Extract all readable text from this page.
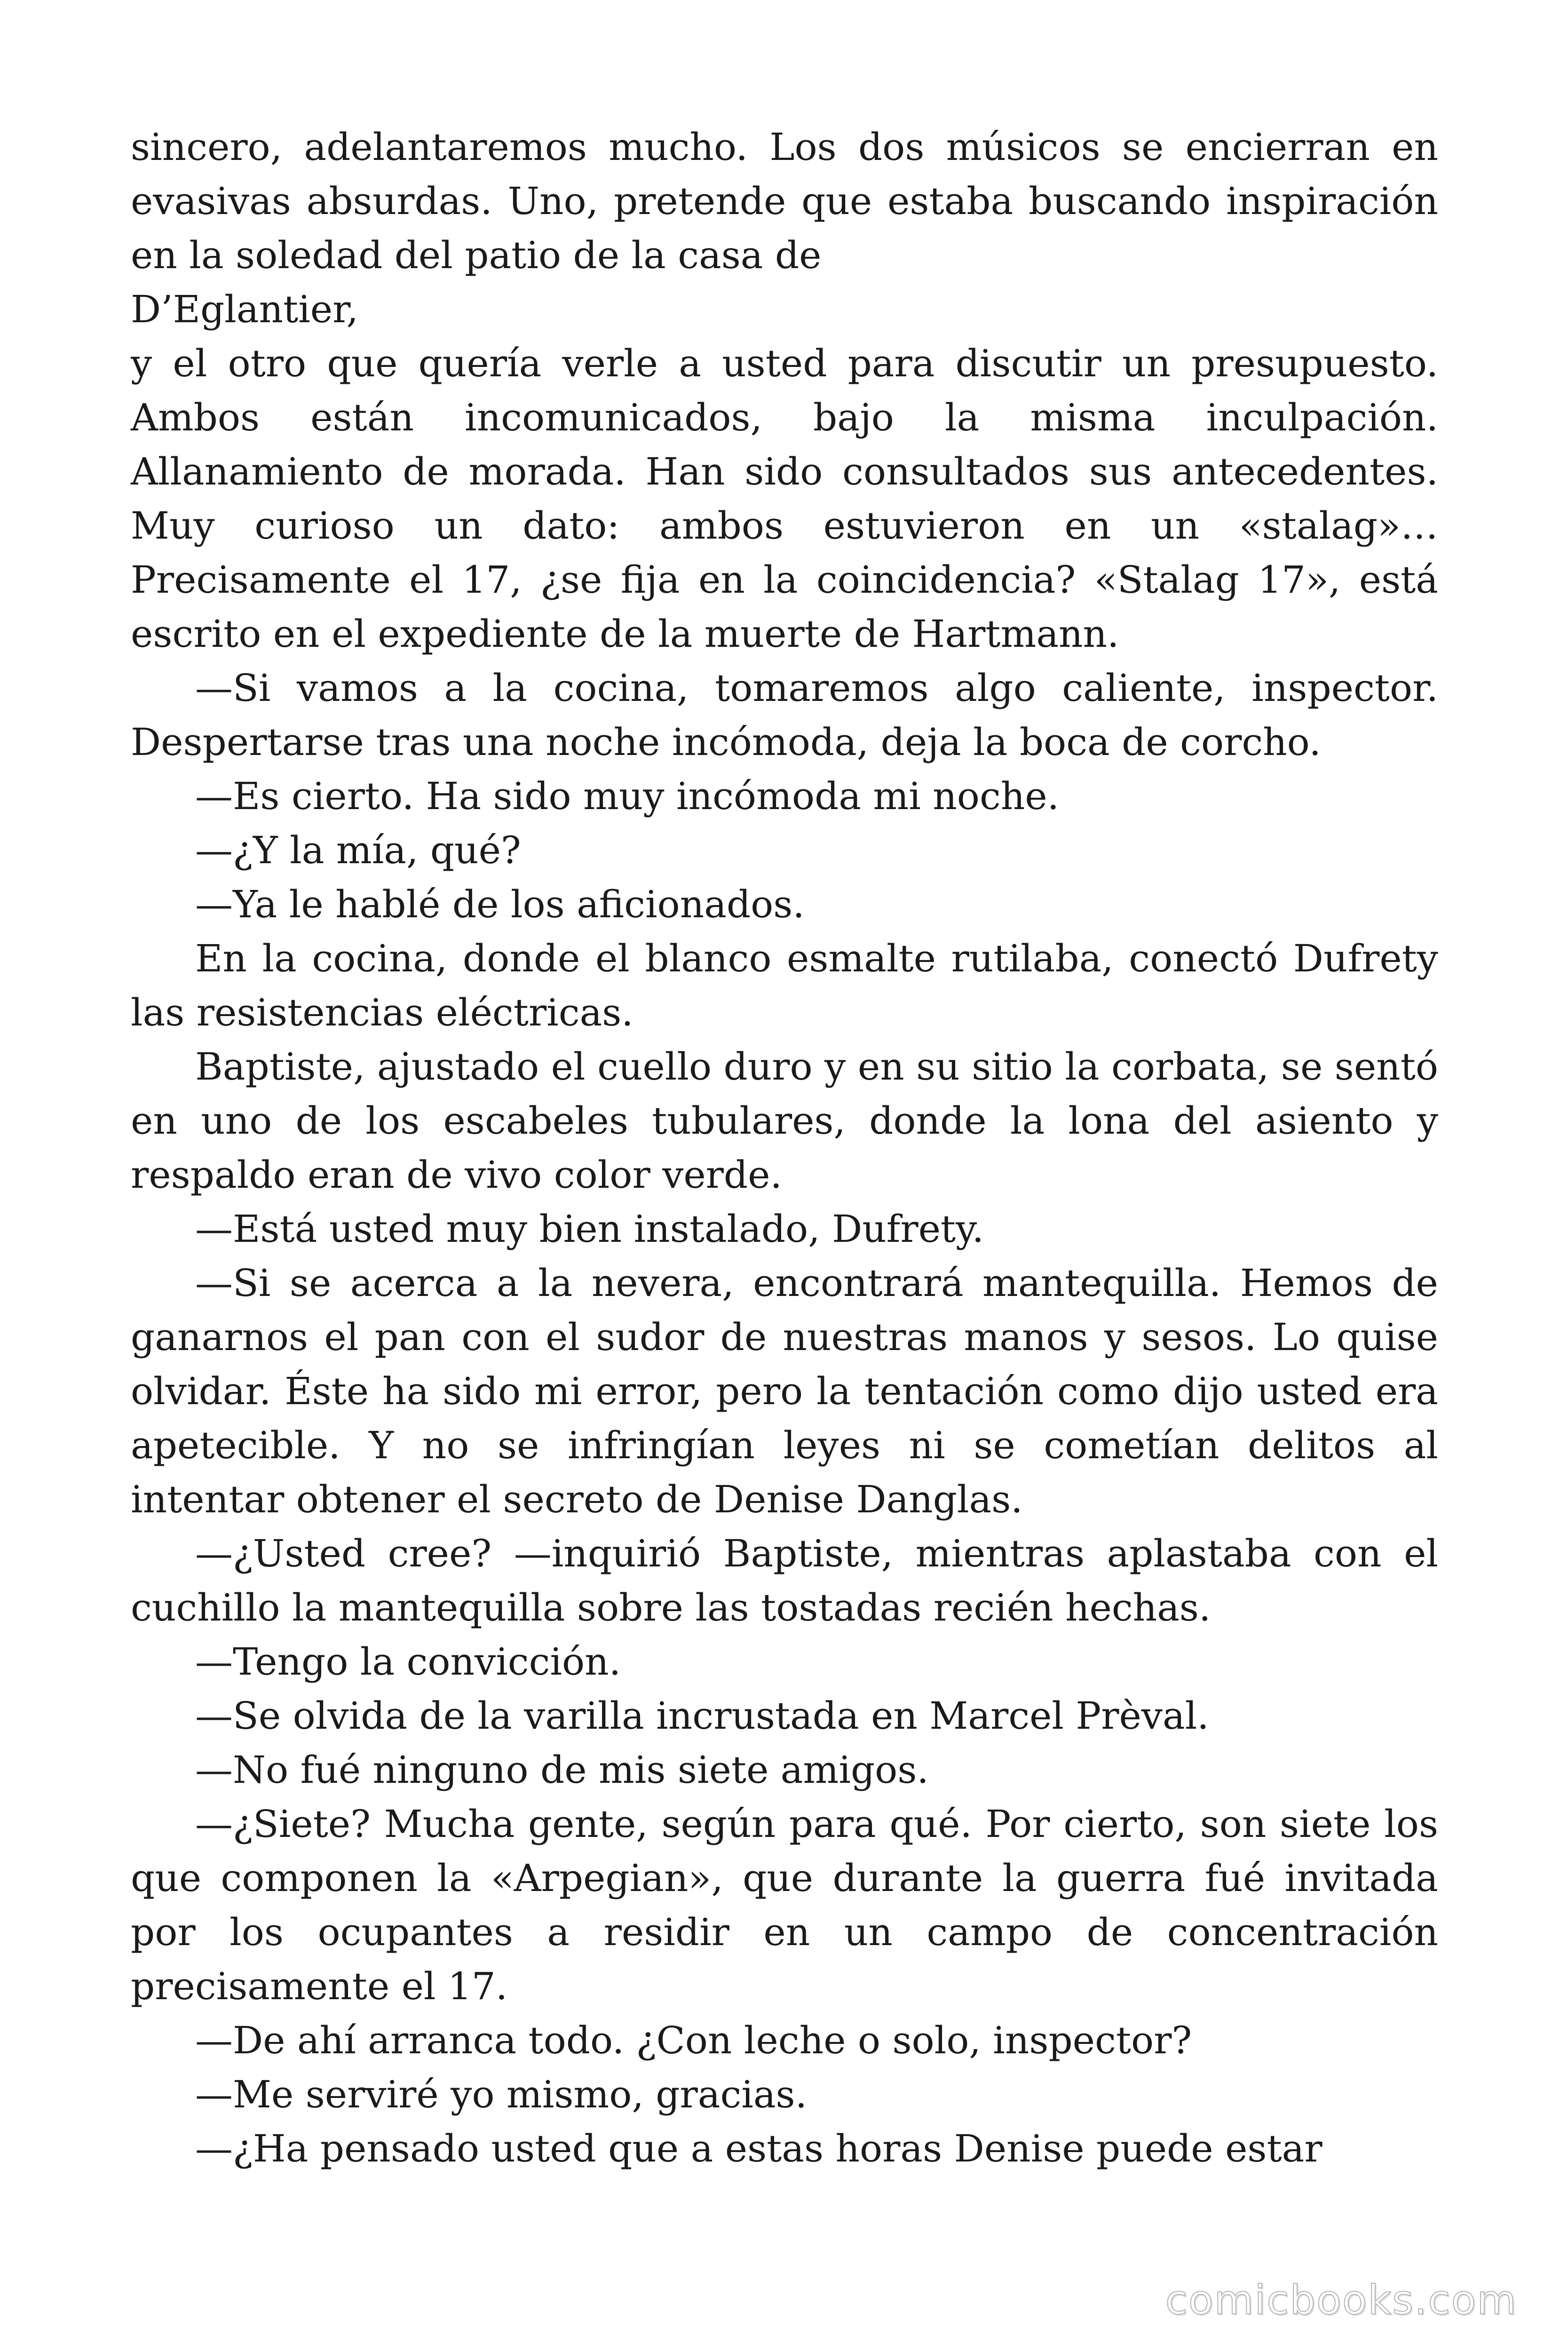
sincero, adelantaremos mucho. Los dos músicos se encierran en evasivas absurdas. Uno, pretende que estaba buscando inspiración en la soledad del patio de la casa de
D’Eglantier,
y el otro que quería verle a usted para discutir un presupuesto. Ambos están incomunicados, bajo la misma inculpación. Allanamiento de morada. Han sido consultados sus antecedentes. Muy curioso un dato: ambos estuvieron en un «stalag»… Precisamente el 17, ¿se fija en la coincidencia? «Stalag 17», está escrito en el expediente de la muerte de Hartmann.

—Si vamos a la cocina, tomaremos algo caliente, inspector. Despertarse tras una noche incómoda, deja la boca de corcho.

—Es cierto. Ha sido muy incómoda mi noche.

—¿Y la mía, qué?

—Ya le hablé de los aficionados.

En la cocina, donde el blanco esmalte rutilaba, conectó Dufrety las resistencias eléctricas.

Baptiste, ajustado el cuello duro y en su sitio la corbata, se sentó en uno de los escabeles tubulares, donde la lona del asiento y respaldo eran de vivo color verde.

—Está usted muy bien instalado, Dufrety.

—Si se acerca a la nevera, encontrará mantequilla. Hemos de ganarnos el pan con el sudor de nuestras manos y sesos. Lo quise olvidar. Éste ha sido mi error, pero la tentación como dijo usted era apetecible. Y no se infringían leyes ni se cometían delitos al intentar obtener el secreto de Denise Danglas.

—¿Usted cree? —inquirió Baptiste, mientras aplastaba con el cuchillo la mantequilla sobre las tostadas recién hechas.

—Tengo la convicción.

—Se olvida de la varilla incrustada en Marcel Prèval.

—No fué ninguno de mis siete amigos.

—¿Siete? Mucha gente, según para qué. Por cierto, son siete los que componen la «Arpegian», que durante la guerra fué invitada por los ocupantes a residir en un campo de concentración precisamente el 17.

—De ahí arranca todo. ¿Con leche o solo, inspector?

—Me serviré yo mismo, gracias.

—¿Ha pensado usted que a estas horas Denise puede estar

comicbooks.com
